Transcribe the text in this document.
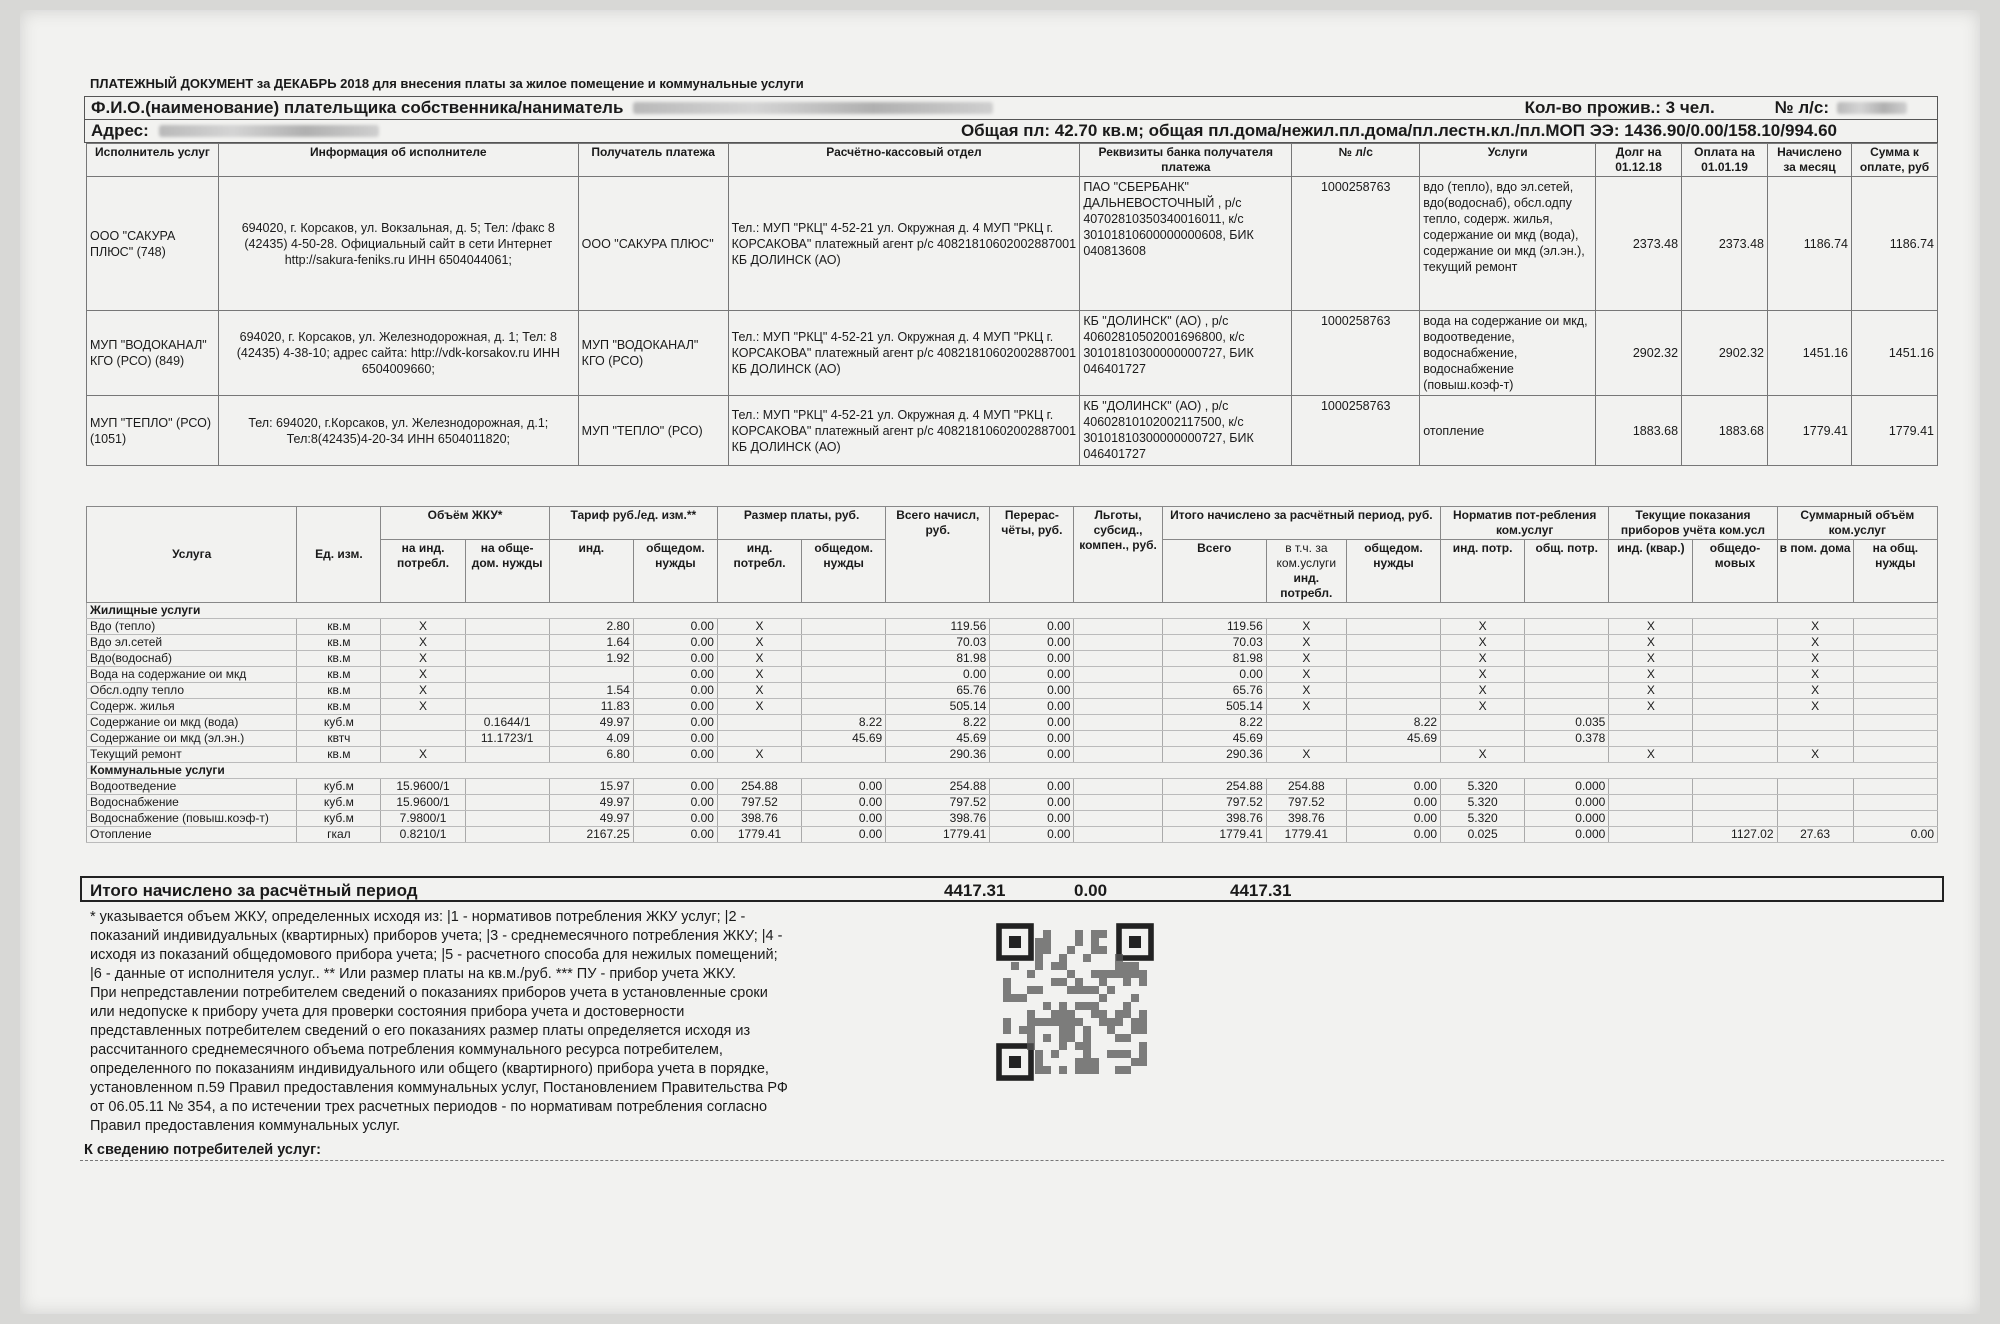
ПЛАТЕЖНЫЙ ДОКУМЕНТ за ДЕКАБРЬ 2018 для внесения платы за жилое помещение и коммунальные услуги
Ф.И.О.(наименование) плательщика собственника/наниматель	Кол-во прожив.: 3 чел.	№ л/с:
Адрес:	Общая пл: 42.70 кв.м; общая пл.дома/нежил.пл.дома/пл.лестн.кл./пл.МОП ЭЭ: 1436.90/0.00/158.10/994.60
Исполнитель услуг	Информация об исполнителе	Получатель платежа	Расчётно-кассовый отдел	Реквизиты банка получателя платежа	№ л/с	Услуги	Долг на 01.12.18	Оплата на 01.01.19	Начислено за месяц	Сумма к оплате, руб
ООО "САКУРА ПЛЮС" (748)	694020, г. Корсаков, ул. Вокзальная, д. 5; Тел: /факс 8 (42435) 4-50-28. Официальный сайт в сети Интернет http://sakura-feniks.ru ИНН 6504044061;	ООО "САКУРА ПЛЮС"	Тел.: МУП "РКЦ" 4-52-21 ул. Окружная д. 4 МУП "РКЦ г. КОРСАКОВА" платежный агент р/с 40821810602002887001 КБ ДОЛИНСК (АО)	ПАО "СБЕРБАНК" ДАЛЬНЕВОСТОЧНЫЙ , р/с 40702810350340016011, к/с 30101810600000000608, БИК 040813608	1000258763	вдо (тепло), вдо эл.сетей, вдо(водоснаб), обсл.одпу тепло, содерж. жилья, содержание ои мкд (вода), содержание ои мкд (эл.эн.), текущий ремонт	2373.48	2373.48	1186.74	1186.74
МУП "ВОДОКАНАЛ" КГО (РСО) (849)	694020, г. Корсаков, ул. Железнодорожная, д. 1; Тел: 8 (42435) 4-38-10; адрес сайта: http://vdk-korsakov.ru ИНН 6504009660;	МУП "ВОДОКАНАЛ" КГО (РСО)	Тел.: МУП "РКЦ" 4-52-21 ул. Окружная д. 4 МУП "РКЦ г. КОРСАКОВА" платежный агент р/с 40821810602002887001 КБ ДОЛИНСК (АО)	КБ "ДОЛИНСК" (АО) , р/с 40602810502001696800, к/с 30101810300000000727, БИК 046401727	1000258763	вода на содержание ои мкд, водоотведение, водоснабжение, водоснабжение (повыш.коэф-т)	2902.32	2902.32	1451.16	1451.16
МУП "ТЕПЛО" (РСО) (1051)	Тел: 694020, г.Корсаков, ул. Железнодорожная, д.1; Тел:8(42435)4-20-34 ИНН 6504011820;	МУП "ТЕПЛО" (РСО)	Тел.: МУП "РКЦ" 4-52-21 ул. Окружная д. 4 МУП "РКЦ г. КОРСАКОВА" платежный агент р/с 40821810602002887001 КБ ДОЛИНСК (АО)	КБ "ДОЛИНСК" (АО) , р/с 40602810102002117500, к/с 30101810300000000727, БИК 046401727	1000258763	отопление	1883.68	1883.68	1779.41	1779.41
Услуга	Ед. изм.	Объём ЖКУ*		Тариф руб./ед. изм.**		Размер платы, руб.		Всего начисл, руб.	Перерас-чёты, руб.	Льготы, субсид., компен., руб.	Итого начислено за расчётный период, руб.			Норматив пот-ребления ком.услуг		Текущие показания приборов учёта ком.усл		Суммарный объём ком.услуг	
		на инд. потребл.	на обще-дом. нужды	инд.	общедом. нужды	инд. потребл.	общедом. нужды				Всего	в т.ч. за ком.услуги
инд. потребл.	общедом. нужды	инд. потр.	общ. потр.	инд. (квар.)	общедо-мовых	в пом. дома	на общ. нужды
Жилищные услуги																			
Вдо (тепло)	кв.м	X		2.80	0.00	X		119.56	0.00		119.56	X		X		X		X	
Вдо эл.сетей	кв.м	X		1.64	0.00	X		70.03	0.00		70.03	X		X		X		X	
Вдо(водоснаб)	кв.м	X		1.92	0.00	X		81.98	0.00		81.98	X		X		X		X	
Вода на содержание ои мкд	кв.м	X			0.00	X		0.00	0.00		0.00	X		X		X		X	
Обсл.одпу тепло	кв.м	X		1.54	0.00	X		65.76	0.00		65.76	X		X		X		X	
Содерж. жилья	кв.м	X		11.83	0.00	X		505.14	0.00		505.14	X		X		X		X	
Содержание ои мкд (вода)	куб.м		0.1644/1	49.97	0.00		8.22	8.22	0.00		8.22		8.22		0.035				
Содержание ои мкд (эл.эн.)	квтч		11.1723/1	4.09	0.00		45.69	45.69	0.00		45.69		45.69		0.378				
Текущий ремонт	кв.м	X		6.80	0.00	X		290.36	0.00		290.36	X		X		X		X	
Коммунальные услуги																			
Водоотведение	куб.м	15.9600/1		15.97	0.00	254.88	0.00	254.88	0.00		254.88	254.88	0.00	5.320	0.000				
Водоснабжение	куб.м	15.9600/1		49.97	0.00	797.52	0.00	797.52	0.00		797.52	797.52	0.00	5.320	0.000				
Водоснабжение (повыш.коэф-т)	куб.м	7.9800/1		49.97	0.00	398.76	0.00	398.76	0.00		398.76	398.76	0.00	5.320	0.000				
Отопление	гкал	0.8210/1		2167.25	0.00	1779.41	0.00	1779.41	0.00		1779.41	1779.41	0.00	0.025	0.000		1127.02	27.63	0.00
Итого начислено за расчётный период	4417.31	0.00	4417.31

* указывается объем ЖКУ, определенных исходя из: |1 - нормативов потребления ЖКУ услуг; |2 -

показаний индивидуальных (квартирных) приборов учета; |3 - среднемесячного потребления ЖКУ; |4 -

исходя из показаний общедомового прибора учета; |5 - расчетного способа для нежилых помещений;

|6 - данные от исполнителя услуг.. ** Или размер платы на кв.м./руб. *** ПУ - прибор учета ЖКУ.

При непредставлении потребителем сведений о показаниях приборов учета в установленные сроки

или недопуске к прибору учета для проверки состояния прибора учета и достоверности

представленных потребителем сведений о его показаниях размер платы определяется исходя из

рассчитанного среднемесячного объема потребления коммунального ресурса потребителем,

определенного по показаниям индивидуального или общего (квартирного) прибора учета в порядке,

установленном п.59 Правил предоставления коммунальных услуг, Постановлением Правительства РФ

от 06.05.11 № 354, а по истечении трех расчетных периодов - по нормативам потребления согласно

Правил предоставления коммунальных услуг.

К сведению потребителей услуг:
